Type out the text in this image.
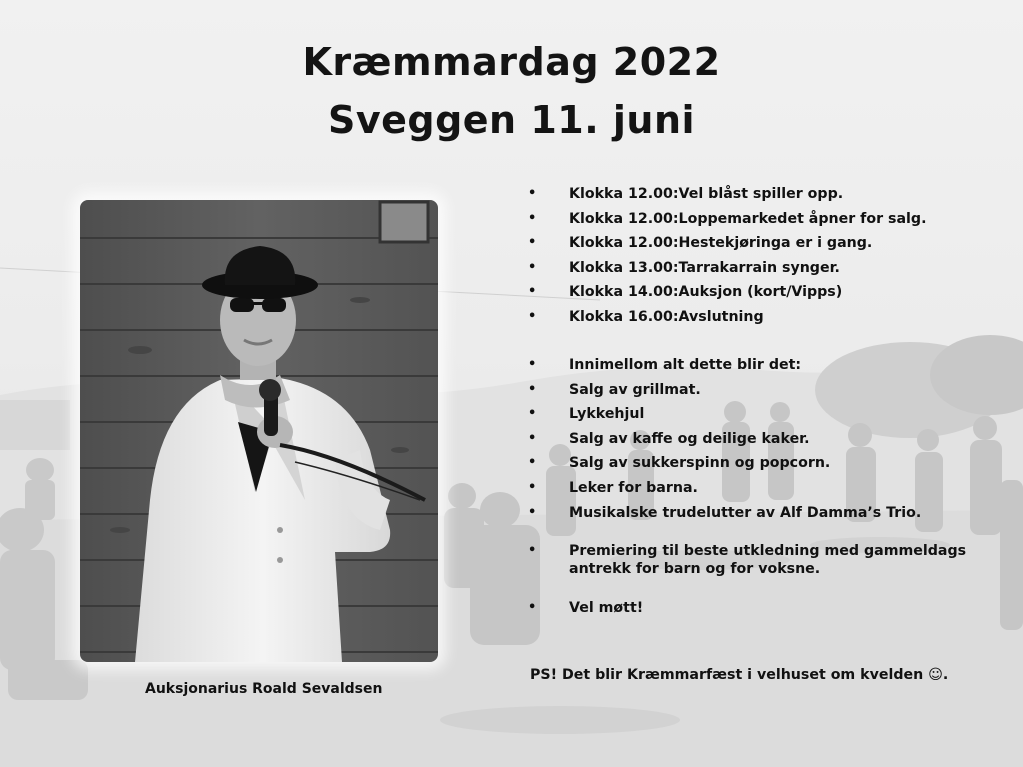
Kræmmardag 2022
Sveggen 11. juni
Auksjonarius Roald Sevaldsen
• Klokka 12.00:Vel blåst spiller opp.
• Klokka 12.00:Loppemarkedet åpner for salg.
• Klokka 12.00:Hestekjøringa er i gang.
• Klokka 13.00:Tarrakarrain synger.
• Klokka 14.00:Auksjon (kort/Vipps)
• Klokka 16.00:Avslutning
• Innimellom alt dette blir det:
• Salg av grillmat.
• Lykkehjul
• Salg av kaffe og deilige kaker.
• Salg av sukkerspinn og popcorn.
• Leker for barna.
• Musikalske trudelutter av Alf Damma’s Trio.
• Premiering til beste utkledning med gammeldags antrekk for barn og for voksne.
• Vel møtt!
PS! Det blir Kræmmarfæst i velhuset om kvelden ☺.
